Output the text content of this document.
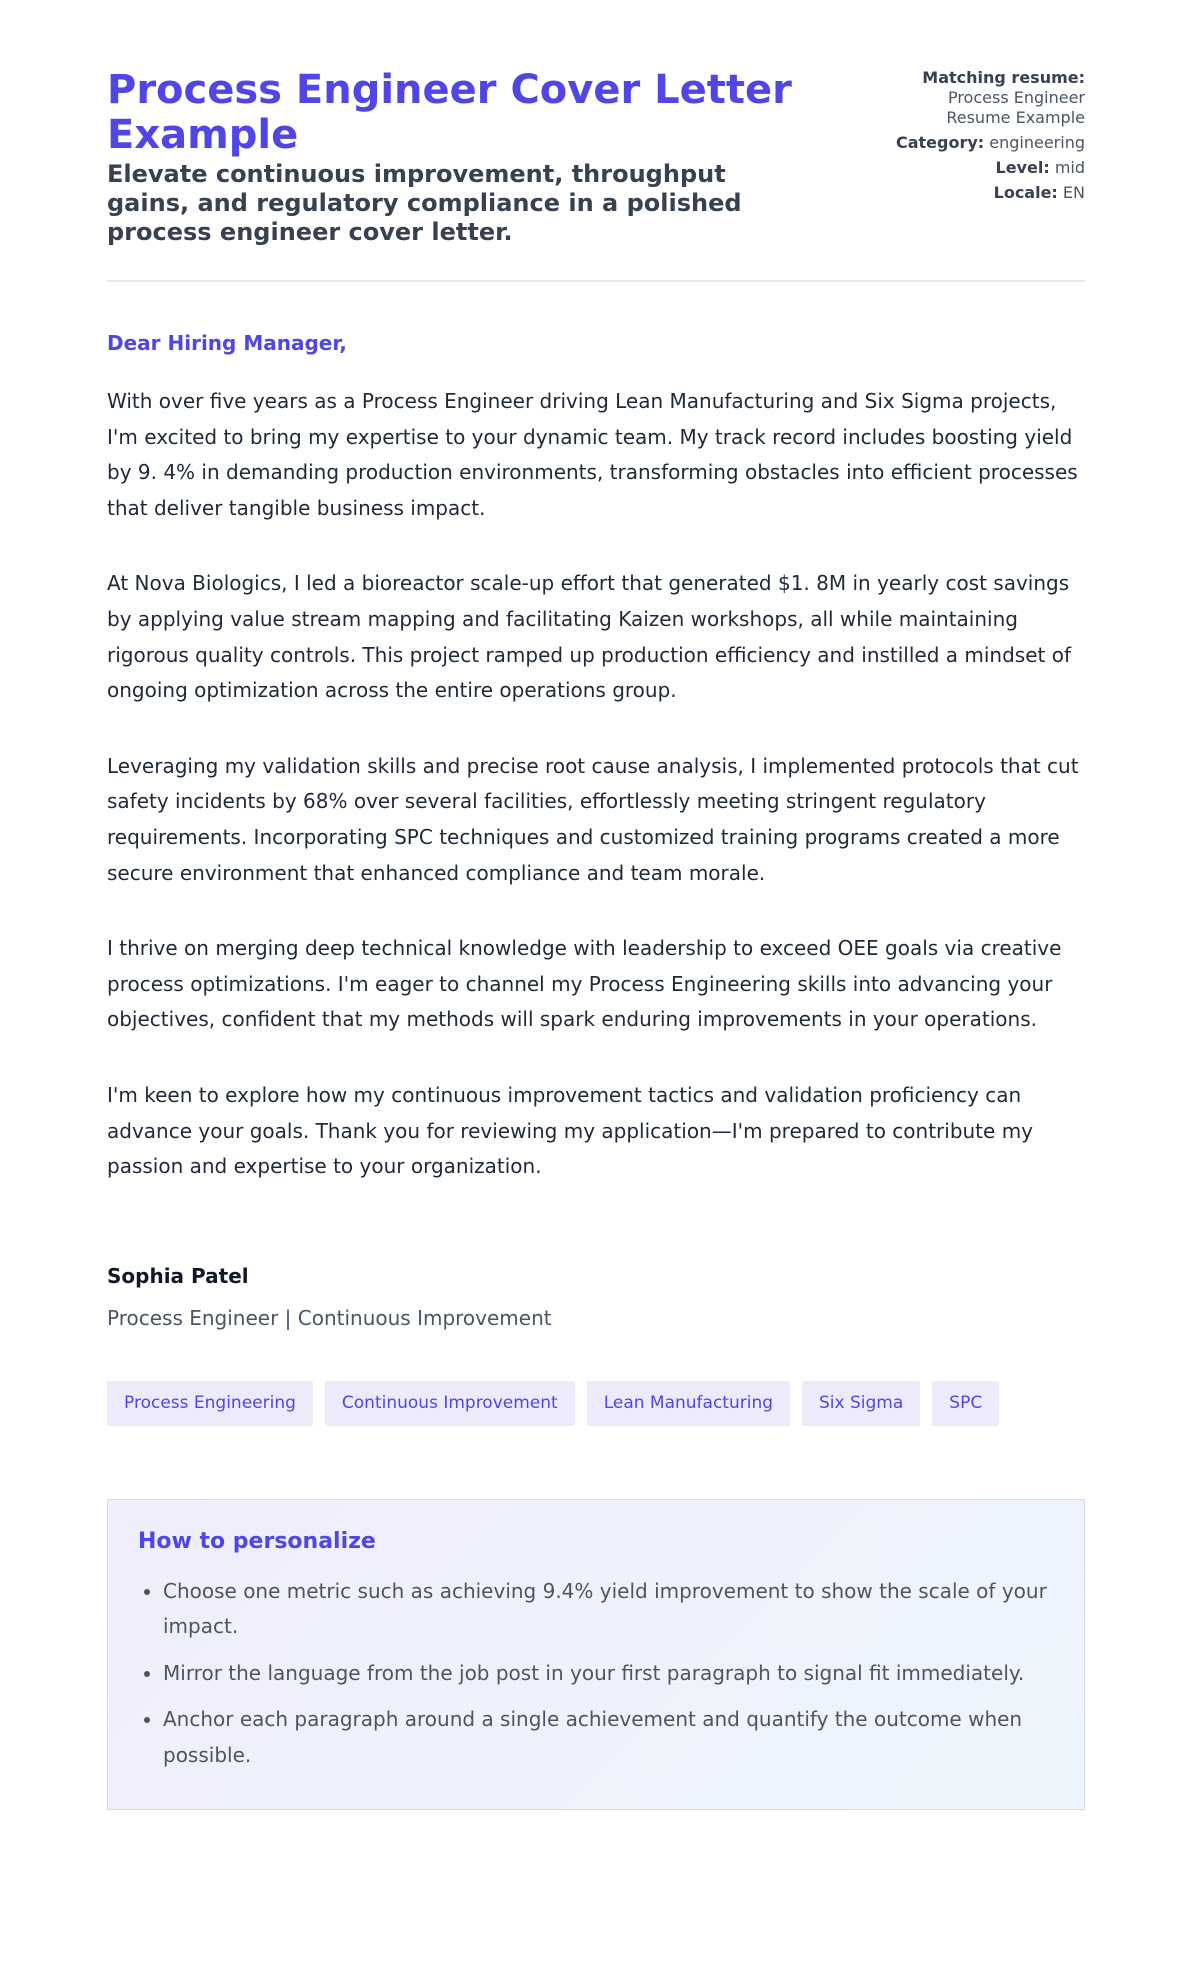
Process Engineer Cover Letter Example

Elevate continuous improvement, throughput gains, and regulatory compliance in a polished process engineer cover letter.

Matching resume:
Process Engineer Resume Example
Category: engineering
Level: mid
Locale: EN
Dear Hiring Manager,

With over five years as a Process Engineer driving Lean Manufacturing and Six Sigma projects, I'm excited to bring my expertise to your dynamic team. My track record includes boosting yield by 9. 4% in demanding production environments, transforming obstacles into efficient processes that deliver tangible business impact.

At Nova Biologics, I led a bioreactor scale-up effort that generated $1. 8M in yearly cost savings by applying value stream mapping and facilitating Kaizen workshops, all while maintaining rigorous quality controls. This project ramped up production efficiency and instilled a mindset of ongoing optimization across the entire operations group.

Leveraging my validation skills and precise root cause analysis, I implemented protocols that cut safety incidents by 68% over several facilities, effortlessly meeting stringent regulatory requirements. Incorporating SPC techniques and customized training programs created a more secure environment that enhanced compliance and team morale.

I thrive on merging deep technical knowledge with leadership to exceed OEE goals via creative process optimizations. I'm eager to channel my Process Engineering skills into advancing your objectives, confident that my methods will spark enduring improvements in your operations.

I'm keen to explore how my continuous improvement tactics and validation proficiency can advance your goals. Thank you for reviewing my application—I'm prepared to contribute my passion and expertise to your organization.

Sophia Patel
Process Engineer | Continuous Improvement
Process Engineering	Continuous Improvement	Lean Manufacturing	Six Sigma	SPC
How to personalize
• Choose one metric such as achieving 9.4% yield improvement to show the scale of your impact.
• Mirror the language from the job post in your first paragraph to signal fit immediately.
• Anchor each paragraph around a single achievement and quantify the outcome when possible.
